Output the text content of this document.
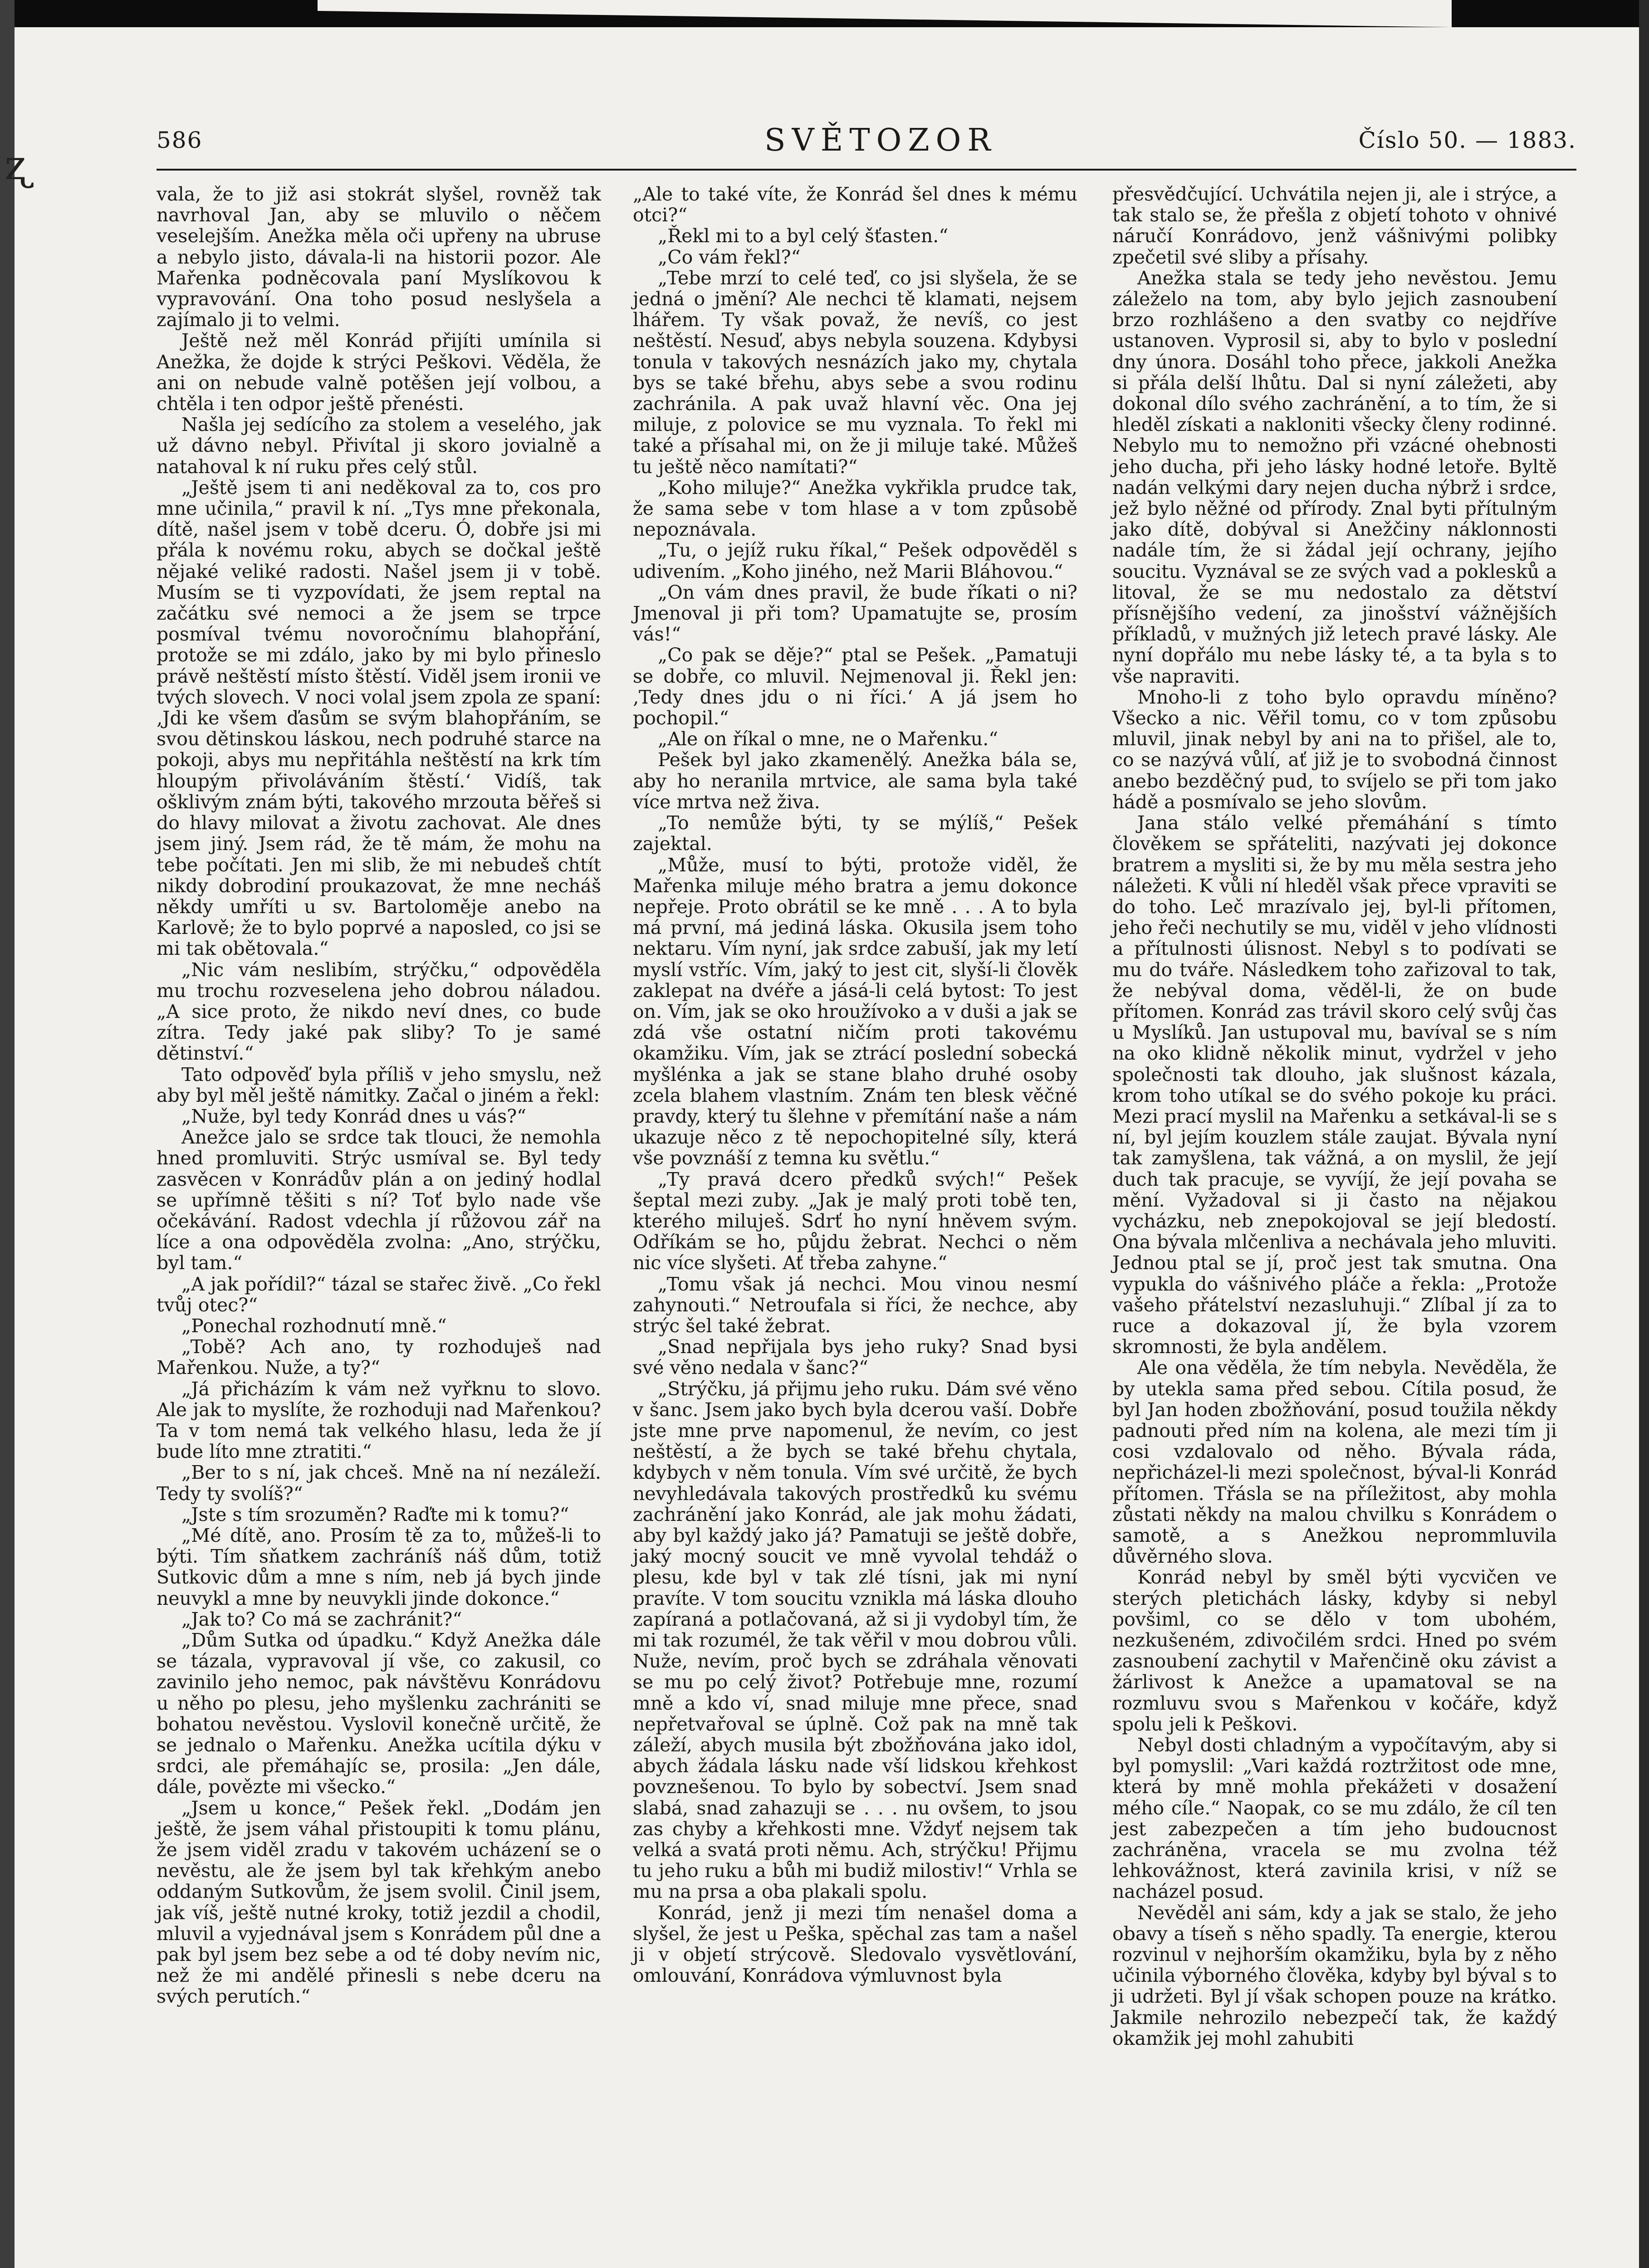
ʐ
586	SVĚTOZOR	Číslo 50. — 1883.

vala, že to již asi stokrát slyšel, rovněž tak navrhoval Jan, aby se mluvilo o něčem veselejším. Anežka měla oči upřeny na ubruse a nebylo jisto, dávala-li na historii pozor. Ale Mařenka podněcovala paní Myslíkovou k vypravování. Ona toho posud neslyšela a zajímalo ji to velmi.

Ještě než měl Konrád přijíti umínila si Anežka, že dojde k strýci Peškovi. Věděla, že ani on nebude valně potěšen její volbou, a chtěla i ten odpor ještě přenésti.

Našla jej sedícího za stolem a veselého, jak už dávno nebyl. Přivítal ji skoro jovialně a natahoval k ní ruku přes celý stůl.

„Ještě jsem ti ani neděkoval za to, cos pro mne učinila,“ pravil k ní. „Tys mne překonala, dítě, našel jsem v tobě dceru. Ó, dobře jsi mi přála k novému roku, abych se dočkal ještě nějaké veliké radosti. Našel jsem ji v tobě. Musím se ti vyzpovídati, že jsem reptal na začátku své nemoci a že jsem se trpce posmíval tvému novoročnímu blahopřání, protože se mi zdálo, jako by mi bylo přineslo právě neštěstí místo štěstí. Viděl jsem ironii ve tvých slovech. V noci volal jsem zpola ze spaní: ‚Jdi ke všem ďasům se svým blahopřáním, se svou dětinskou láskou, nech podruhé starce na pokoji, abys mu nepřitáhla neštěstí na krk tím hloupým přivoláváním štěstí.‘ Vidíš, tak ošklivým znám býti, takového mrzouta běřeš si do hlavy milovat a životu zachovat. Ale dnes jsem jiný. Jsem rád, že tě mám, že mohu na tebe počítati. Jen mi slib, že mi nebudeš chtít nikdy dobrodiní proukazovat, že mne necháš někdy umříti u sv. Bartoloměje anebo na Karlově; že to bylo poprvé a naposled, co jsi se mi tak obětovala.“

„Nic vám neslibím, strýčku,“ odpověděla mu trochu rozveselena jeho dobrou náladou. „A sice proto, že nikdo neví dnes, co bude zítra. Tedy jaké pak sliby? To je samé dětinství.“

Tato odpověď byla příliš v jeho smyslu, než aby byl měl ještě námitky. Začal o jiném a řekl:

„Nuže, byl tedy Konrád dnes u vás?“

Anežce jalo se srdce tak tlouci, že nemohla hned promluviti. Strýc usmíval se. Byl tedy zasvěcen v Konrádův plán a on jediný hodlal se upřímně těšiti s ní? Toť bylo nade vše očekávání. Radost vdechla jí růžovou zář na líce a ona odpověděla zvolna: „Ano, strýčku, byl tam.“

„A jak pořídil?“ tázal se stařec živě. „Co řekl tvůj otec?“

„Ponechal rozhodnutí mně.“

„Tobě? Ach ano, ty rozhoduješ nad Mařenkou. Nuže, a ty?“

„Já přicházím k vám než vyřknu to slovo. Ale jak to myslíte, že rozhoduji nad Mařenkou? Ta v tom nemá tak velkého hlasu, leda že jí bude líto mne ztratiti.“

„Ber to s ní, jak chceš. Mně na ní nezáleží. Tedy ty svolíš?“

„Jste s tím srozuměn? Raďte mi k tomu?“

„Mé dítě, ano. Prosím tě za to, můžeš-li to býti. Tím sňatkem zachráníš náš dům, totiž Sutkovic dům a mne s ním, neb já bych jinde neuvykl a mne by neuvykli jinde dokonce.“

„Jak to? Co má se zachránit?“

„Dům Sutka od úpadku.“ Když Anežka dále se tázala, vypravoval jí vše, co zakusil, co zavinilo jeho nemoc, pak návštěvu Konrádovu u něho po plesu, jeho myšlenku zachrániti se bohatou nevěstou. Vyslovil konečně určitě, že se jednalo o Mařenku. Anežka ucítila dýku v srdci, ale přemáhajíc se, prosila: „Jen dále, dále, povězte mi všecko.“

„Jsem u konce,“ Pešek řekl. „Dodám jen ještě, že jsem váhal přistoupiti k tomu plánu, že jsem viděl zradu v takovém ucházení se o nevěstu, ale že jsem byl tak křehkým anebo oddaným Sutkovům, že jsem svolil. Činil jsem, jak víš, ještě nutné kroky, totiž jezdil a chodil, mluvil a vyjednával jsem s Konrádem půl dne a pak byl jsem bez sebe a od té doby nevím nic, než že mi andělé přinesli s nebe dceru na svých perutích.“

„Ale to také víte, že Konrád šel dnes k mému otci?“

„Řekl mi to a byl celý šťasten.“

„Co vám řekl?“

„Tebe mrzí to celé teď, co jsi slyšela, že se jedná o jmění? Ale nechci tě klamati, nejsem lhářem. Ty však považ, že nevíš, co jest neštěstí. Nesuď, abys nebyla souzena. Kdybysi tonula v takových nesnázích jako my, chytala bys se také břehu, abys sebe a svou rodinu zachránila. A pak uvaž hlavní věc. Ona jej miluje, z polovice se mu vyznala. To řekl mi také a přísahal mi, on že ji miluje také. Můžeš tu ještě něco namítati?“

„Koho miluje?“ Anežka vykřikla prudce tak, že sama sebe v tom hlase a v tom způsobě nepoznávala.

„Tu, o jejíž ruku říkal,“ Pešek odpověděl s udivením. „Koho jiného, než Marii Bláhovou.“

„On vám dnes pravil, že bude říkati o ni? Jmenoval ji při tom? Upamatujte se, prosím vás!“

„Co pak se děje?“ ptal se Pešek. „Pamatuji se dobře, co mluvil. Nejmenoval ji. Řekl jen: ‚Tedy dnes jdu o ni říci.‘ A já jsem ho pochopil.“

„Ale on říkal o mne, ne o Mařenku.“

Pešek byl jako zkamenělý. Anežka bála se, aby ho neranila mrtvice, ale sama byla také více mrtva než živa.

„To nemůže býti, ty se mýlíš,“ Pešek zajektal.

„Může, musí to býti, protože viděl, že Mařenka miluje mého bratra a jemu dokonce nepřeje. Proto obrátil se ke mně . . . A to byla má první, má jediná láska. Okusila jsem toho nektaru. Vím nyní, jak srdce zabuší, jak my letí myslí vstříc. Vím, jaký to jest cit, slyší-li člověk zaklepat na dvéře a jásá-li celá bytost: To jest on. Vím, jak se oko hroužívoko a v duši a jak se zdá vše ostatní ničím proti takovému okamžiku. Vím, jak se ztrácí poslední sobecká myšlénka a jak se stane blaho druhé osoby zcela blahem vlastním. Znám ten blesk věčné pravdy, který tu šlehne v přemítání naše a nám ukazuje něco z tě nepochopitelné síly, která vše povznáší z temna ku světlu.“

„Ty pravá dcero předků svých!“ Pešek šeptal mezi zuby. „Jak je malý proti tobě ten, kterého miluješ. Sdrť ho nyní hněvem svým. Odříkám se ho, půjdu žebrat. Nechci o něm nic více slyšeti. Ať třeba zahyne.“

„Tomu však já nechci. Mou vinou nesmí zahynouti.“ Netroufala si říci, že nechce, aby strýc šel také žebrat.

„Snad nepřijala bys jeho ruky? Snad bysi své věno nedala v šanc?“

„Strýčku, já přijmu jeho ruku. Dám své věno v šanc. Jsem jako bych byla dcerou vaší. Dobře jste mne prve napomenul, že nevím, co jest neštěstí, a že bych se také břehu chytala, kdybych v něm tonula. Vím své určitě, že bych nevyhledávala takových prostředků ku svému zachránění jako Konrád, ale jak mohu žádati, aby byl každý jako já? Pamatuji se ještě dobře, jaký mocný soucit ve mně vyvolal tehdáž o plesu, kde byl v tak zlé tísni, jak mi nyní pravíte. V tom soucitu vznikla má láska dlouho zapíraná a potlačovaná, až si ji vydobyl tím, že mi tak rozumél, že tak věřil v mou dobrou vůli. Nuže, nevím, proč bych se zdráhala věnovati se mu po celý život? Potřebuje mne, rozumí mně a kdo ví, snad miluje mne přece, snad nepřetvařoval se úplně. Což pak na mně tak záleží, abych musila být zbožňována jako idol, abych žádala lásku nade vší lidskou křehkost povznešenou. To bylo by sobectví. Jsem snad slabá, snad zahazuji se . . . nu ovšem, to jsou zas chyby a křehkosti mne. Vždyť nejsem tak velká a svatá proti němu. Ach, strýčku! Přijmu tu jeho ruku a bůh mi budiž milostiv!“ Vrhla se mu na prsa a oba plakali spolu.

Konrád, jenž ji mezi tím nenašel doma a slyšel, že jest u Peška, spěchal zas tam a našel ji v objetí strýcově. Sledovalo vysvětlování, omlouvání, Konrádova výmluvnost byla

přesvědčující. Uchvátila nejen ji, ale i strýce, a tak stalo se, že přešla z objetí tohoto v ohnivé náručí Konrádovo, jenž vášnivými polibky zpečetil své sliby a přísahy.

Anežka stala se tedy jeho nevěstou. Jemu záleželo na tom, aby bylo jejich zasnoubení brzo rozhlášeno a den svatby co nejdříve ustanoven. Vyprosil si, aby to bylo v poslední dny února. Dosáhl toho přece, jakkoli Anežka si přála delší lhůtu. Dal si nyní záležeti, aby dokonal dílo svého zachránění, a to tím, že si hleděl získati a nakloniti všecky členy rodinné. Nebylo mu to nemožno při vzácné ohebnosti jeho ducha, při jeho lásky hodné letoře. Byltě nadán velkými dary nejen ducha nýbrž i srdce, jež bylo něžné od přírody. Znal byti přítulným jako dítě, dobýval si Anežčiny náklonnosti nadále tím, že si žádal její ochrany, jejího soucitu. Vyznával se ze svých vad a poklesků a litoval, že se mu nedostalo za dětství přísnějšího vedení, za jinošství vážnějších příkladů, v mužných již letech pravé lásky. Ale nyní dopřálo mu nebe lásky té, a ta byla s to vše napraviti.

Mnoho-li z toho bylo opravdu míněno? Všecko a nic. Věřil tomu, co v tom způsobu mluvil, jinak nebyl by ani na to přišel, ale to, co se nazývá vůlí, ať již je to svobodná činnost anebo bezděčný pud, to svíjelo se při tom jako hádě a posmívalo se jeho slovům.

Jana stálo velké přemáhání s tímto člověkem se spřáteliti, nazývati jej dokonce bratrem a mysliti si, že by mu měla sestra jeho náležeti. K vůli ní hleděl však přece vpraviti se do toho. Leč mrazívalo jej, byl-li přítomen, jeho řeči nechutily se mu, viděl v jeho vlídnosti a přítulnosti úlisnost. Nebyl s to podívati se mu do tváře. Následkem toho zařizoval to tak, že nebýval doma, věděl-li, že on bude přítomen. Konrád zas trávil skoro celý svůj čas u Myslíků. Jan ustupoval mu, bavíval se s ním na oko klidně několik minut, vydržel v jeho společnosti tak dlouho, jak slušnost kázala, krom toho utíkal se do svého pokoje ku práci. Mezi prací myslil na Mařenku a setkával-li se s ní, byl jejím kouzlem stále zaujat. Bývala nyní tak zamyšlena, tak vážná, a on myslil, že její duch tak pracuje, se vyvíjí, že její povaha se mění. Vyžadoval si ji často na nějakou vycházku, neb znepokojoval se její bledostí. Ona bývala mlčenliva a nechávala jeho mluviti. Jednou ptal se jí, proč jest tak smutna. Ona vypukla do vášnivého pláče a řekla: „Protože vašeho přátelství nezasluhuji.“ Zlíbal jí za to ruce a dokazoval jí, že byla vzorem skromnosti, že byla andělem.

Ale ona věděla, že tím nebyla. Nevěděla, že by utekla sama před sebou. Cítila posud, že byl Jan hoden zbožňování, posud toužila někdy padnouti před ním na kolena, ale mezi tím ji cosi vzdalovalo od něho. Bývala ráda, nepřicházel-li mezi společnost, býval-li Konrád přítomen. Třásla se na příležitost, aby mohla zůstati někdy na malou chvilku s Konrádem o samotě, a s Anežkou neprommluvila důvěrného slova.

Konrád nebyl by směl býti vycvičen ve sterých pletichách lásky, kdyby si nebyl povšiml, co se dělo v tom ubohém, nezkušeném, zdivočilém srdci. Hned po svém zasnoubení zachytil v Mařenčině oku závist a žárlivost k Anežce a upamatoval se na rozmluvu svou s Mařenkou v kočáře, když spolu jeli k Peškovi.

Nebyl dosti chladným a vypočítavým, aby si byl pomyslil: „Vari každá roztržitost ode mne, která by mně mohla překážeti v dosažení mého cíle.“ Naopak, co se mu zdálo, že cíl ten jest zabezpečen a tím jeho budoucnost zachráněna, vracela se mu zvolna též lehkovážnost, která zavinila krisi, v níž se nacházel posud.

Nevěděl ani sám, kdy a jak se stalo, že jeho obavy a tíseň s něho spadly. Ta energie, kterou rozvinul v nejhorším okamžiku, byla by z něho učinila výborného člověka, kdyby byl býval s to ji udržeti. Byl jí však schopen pouze na krátko. Jakmile nehrozilo nebezpečí tak, že každý okamžik jej mohl zahubiti
